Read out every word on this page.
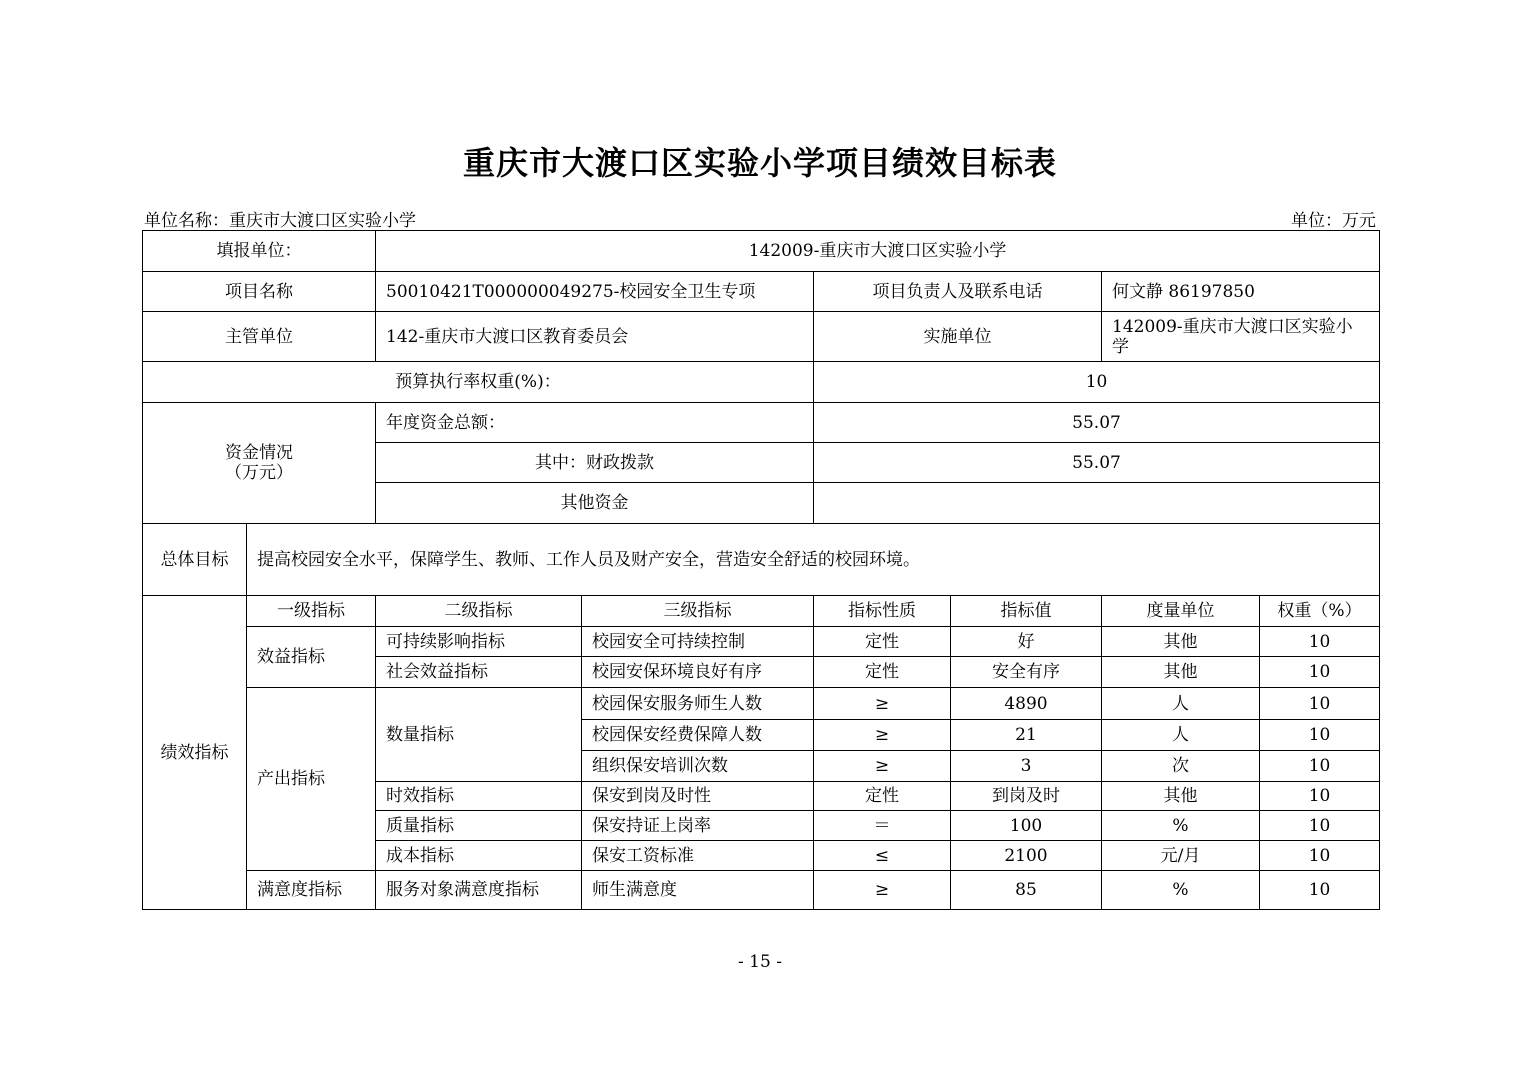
重庆市大渡口区实验小学项目绩效目标表
单位名称：重庆市大渡口区实验小学	单位：万元
填报单位：		142009-重庆市大渡口区实验小学					
项目名称		50010421T000000049275-校园安全卫生专项		项目负责人及联系电话		何文静 86197850	
主管单位		142-重庆市大渡口区教育委员会		实施单位		142009-重庆市大渡口区实验小学	
预算执行率权重(%)：				10			

资金情况
（万元）		年度资金总额：		55.07			
		其中：财政拨款		55.07			
		其他资金					
总体目标	提高校园安全水平，保障学生、教师、工作人员及财产安全，营造安全舒适的校园环境。						
绩效指标	一级指标	二级指标	三级指标	指标性质	指标值	度量单位	权重（%）
	效益指标	可持续影响指标	校园安全可持续控制	定性	好	其他	10
		社会效益指标	校园安保环境良好有序	定性	安全有序	其他	10
	产出指标	数量指标	校园保安服务师生人数	≥	4890	人	10
			校园保安经费保障人数	≥	21	人	10
			组织保安培训次数	≥	3	次	10
		时效指标	保安到岗及时性	定性	到岗及时	其他	10
		质量指标	保安持证上岗率	＝	100	%	10
		成本指标	保安工资标准	≤	2100	元/月	10
	满意度指标	服务对象满意度指标	师生满意度	≥	85	%	10
- 15 -
